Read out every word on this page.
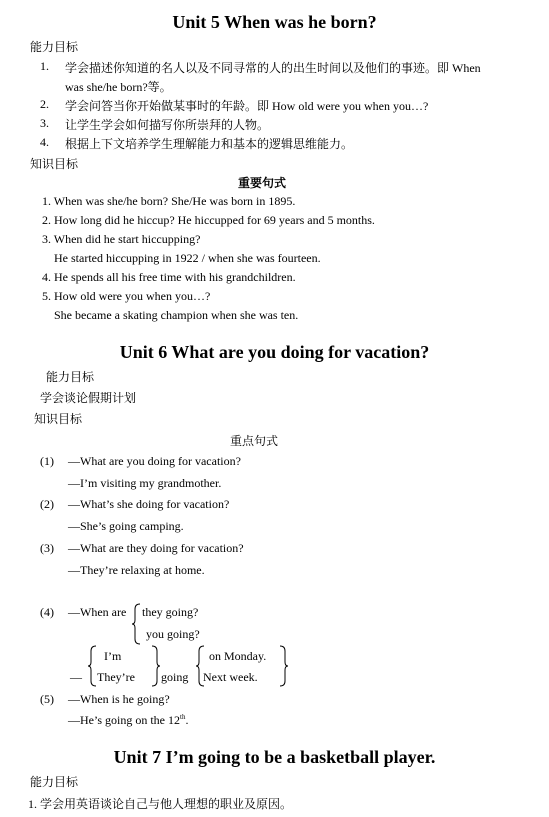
Unit 5 When was he born?
能力目标
1. 学会描述你知道的名人以及不同寻常的人的出生时间以及他们的事迹。即 When
was she/he born?等。
2. 学会问答当你开始做某事时的年龄。即 How old were you when you…?
3. 让学生学会如何描写你所崇拜的人物。
4. 根据上下文培养学生理解能力和基本的逻辑思维能力。
知识目标
重要句式
1. When was she/he born? She/He was born in 1895.
2. How long did he hiccup? He hiccupped for 69 years and 5 months.
3. When did he start hiccupping?
He started hiccupping in 1922 / when she was fourteen.
4. He spends all his free time with his grandchildren.
5. How old were you when you…?
She became a skating champion when she was ten.
Unit 6 What are you doing for vacation?
能力目标
学会谈论假期计划
知识目标
重点句式
(1) —What are you doing for vacation?
—I’m visiting my grandmother.
(2) —What’s she doing for vacation?
—She’s going camping.
(3) —What are they doing for vacation?
—They’re relaxing at home.
(4) —When are they going?
you going?
—
I’m
They’re going
on Monday.
Next week.
(5) —When is he going?
—He’s going on the 12th.
Unit 7 I’m going to be a basketball player.
能力目标
1. 学会用英语谈论自己与他人理想的职业及原因。
